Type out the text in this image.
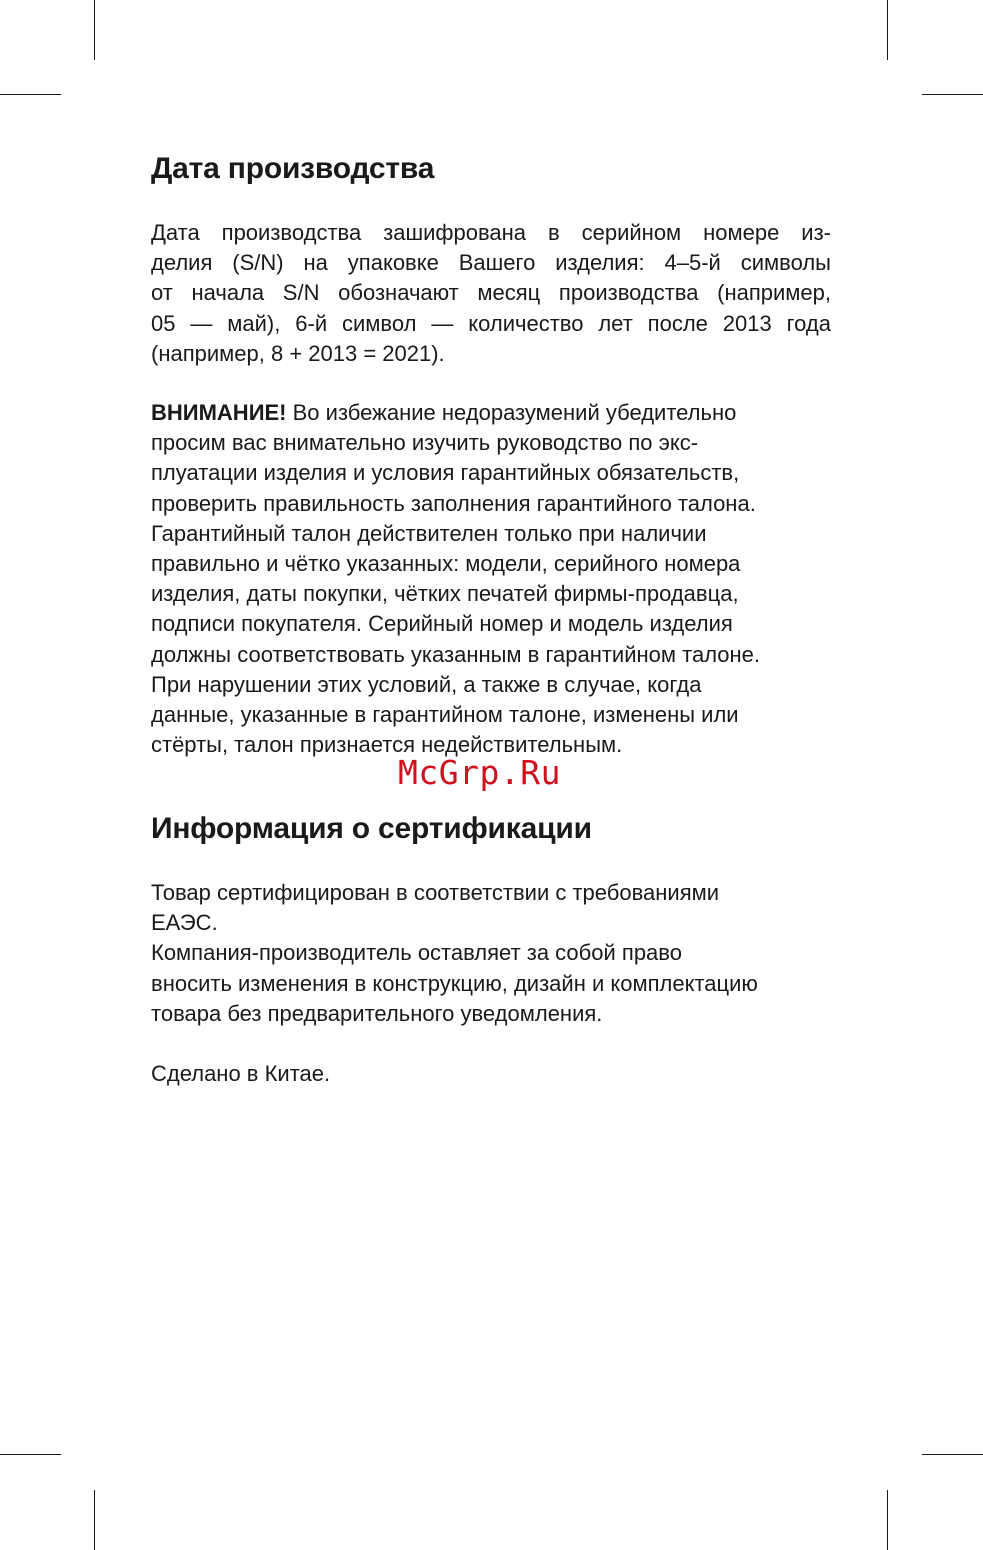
Дата производства

Дата производства зашифрована в серийном номере из-
делия (S/N) на упаковке Вашего изделия: 4–5-й символы
от начала S/N обозначают месяц производства (например,
05 — май), 6-й символ — количество лет после 2013 года
(например, 8 + 2013 = 2021).

ВНИМАНИЕ! Во избежание недоразумений убедительно
просим вас внимательно изучить руководство по экс-
плуатации изделия и условия гарантийных обязательств,
проверить правильность заполнения гарантийного талона.
Гарантийный талон действителен только при наличии
правильно и чётко указанных: модели, серийного номера
изделия, даты покупки, чётких печатей фирмы-продавца,
подписи покупателя. Серийный номер и модель изделия
должны соответствовать указанным в гарантийном талоне.
При нарушении этих условий, а также в случае, когда
данные, указанные в гарантийном талоне, изменены или
стёрты, талон признается недействительным.

Информация о сертификации

Товар сертифицирован в соответствии с требованиями
ЕАЭС.
Компания-производитель оставляет за собой право
вносить изменения в конструкцию, дизайн и комплектацию
товара без предварительного уведомления.

Сделано в Китае.

McGrp.Ru
